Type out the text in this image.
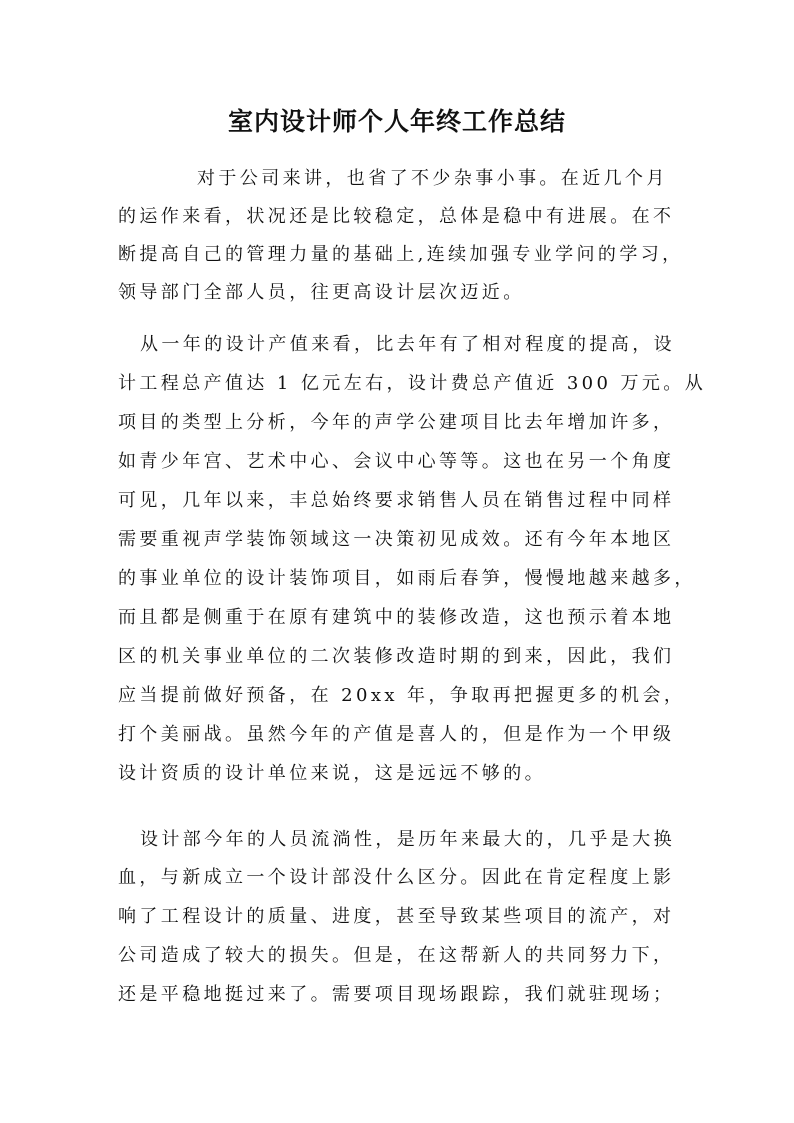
室内设计师个人年终工作总结
对于公司来讲，也省了不少杂事小事。在近几个月
的运作来看，状况还是比较稳定，总体是稳中有进展。在不
断提高自己的管理力量的基础上,连续加强专业学问的学习，
领导部门全部人员，往更高设计层次迈近。
从一年的设计产值来看，比去年有了相对程度的提高，设
计工程总产值达 1 亿元左右，设计费总产值近 300 万元。从
项目的类型上分析，今年的声学公建项目比去年增加许多，
如青少年宫、艺术中心、会议中心等等。这也在另一个角度
可见，几年以来，丰总始终要求销售人员在销售过程中同样
需要重视声学装饰领域这一决策初见成效。还有今年本地区
的事业单位的设计装饰项目，如雨后春笋，慢慢地越来越多，
而且都是侧重于在原有建筑中的装修改造，这也预示着本地
区的机关事业单位的二次装修改造时期的到来，因此，我们
应当提前做好预备，在 20xx 年，争取再把握更多的机会，
打个美丽战。虽然今年的产值是喜人的，但是作为一个甲级
设计资质的设计单位来说，这是远远不够的。
设计部今年的人员流淌性，是历年来最大的，几乎是大换
血，与新成立一个设计部没什么区分。因此在肯定程度上影
响了工程设计的质量、进度，甚至导致某些项目的流产，对
公司造成了较大的损失。但是，在这帮新人的共同努力下，
还是平稳地挺过来了。需要项目现场跟踪，我们就驻现场；
